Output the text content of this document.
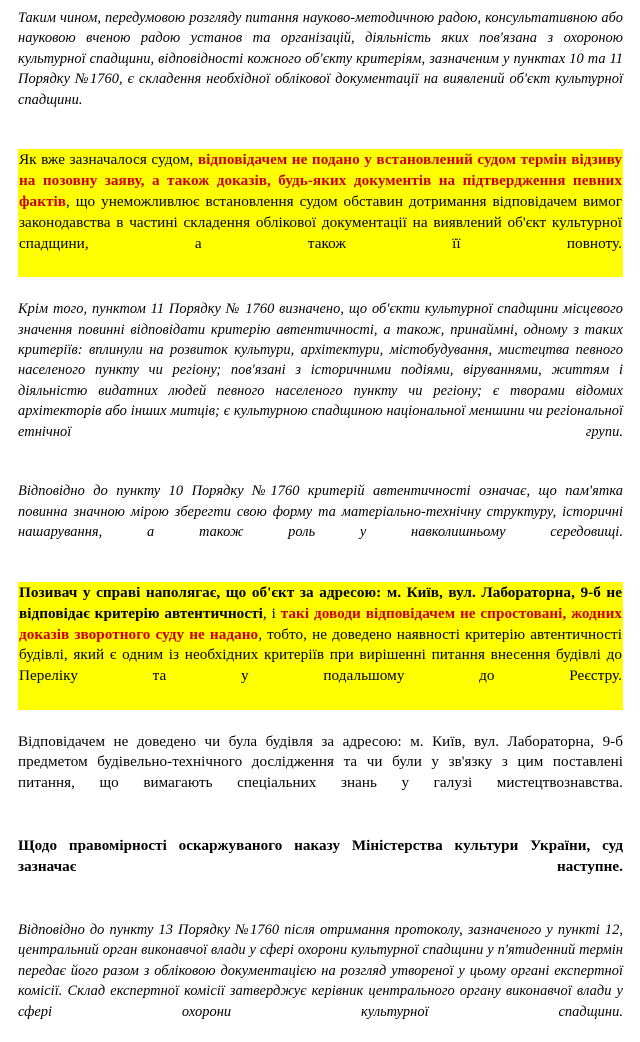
Таким чином, передумовою розгляду питання науково-методичною радою, консультативною або науковою вченою радою установ та організацій, діяльність яких пов'язана з охороною культурної спадщини, відповідності кожного об'єкту критеріям, зазначеним у пунктах 10 та 11 Порядку №1760, є складення необхідної облікової документації на виявлений об'єкт культурної спадщини.

Як вже зазначалося судом, відповідачем не подано у встановлений судом термін відзиву на позовну заяву, а також доказів, будь-яких документів на підтвердження певних фактів, що унеможливлює встановлення судом обставин дотримання відповідачем вимог законодавства в частині складення облікової документації на виявлений об'єкт культурної спадщини, а також її повноту.

Крім того, пунктом 11 Порядку № 1760 визначено, що об'єкти культурної спадщини місцевого значення повинні відповідати критерію автентичності, а також, принаймні, одному з таких критеріїв: вплинули на розвиток культури, архітектури, містобудування, мистецтва певного населеного пункту чи регіону; пов'язані з історичними подіями, віруваннями, життям і діяльністю видатних людей певного населеного пункту чи регіону; є творами відомих архітекторів або інших митців; є культурною спадщиною національної меншини чи регіональної етнічної групи.

Відповідно до пункту 10 Порядку №1760 критерій автентичності означає, що пам'ятка повинна значною мірою зберегти свою форму та матеріально-технічну структуру, історичні нашарування, а також роль у навколишньому середовищі.

Позивач у справі наполягає, що об'єкт за адресою: м. Київ, вул. Лабораторна, 9-б не відповідає критерію автентичності, і такі доводи відповідачем не спростовані, жодних доказів зворотного суду не надано, тобто, не доведено наявності критерію автентичності будівлі, який є одним із необхідних критеріїв при вирішенні питання внесення будівлі до Переліку та у подальшому до Реєстру.

Відповідачем не доведено чи була будівля за адресою: м. Київ, вул. Лабораторна, 9-б предметом будівельно-технічного дослідження та чи були у зв'язку з цим поставлені питання, що вимагають спеціальних знань у галузі мистецтвознавства.

Щодо правомірності оскаржуваного наказу Міністерства культури України, суд зазначає наступне.

Відповідно до пункту 13 Порядку №1760 після отримання протоколу, зазначеного у пункті 12, центральний орган виконавчої влади у сфері охорони культурної спадщини у п'ятиденний термін передає його разом з обліковою документацією на розгляд утвореної у цьому органі експертної комісії. Склад експертної комісії затверджує керівник центрального органу виконавчої влади у сфері охорони культурної спадщини.
